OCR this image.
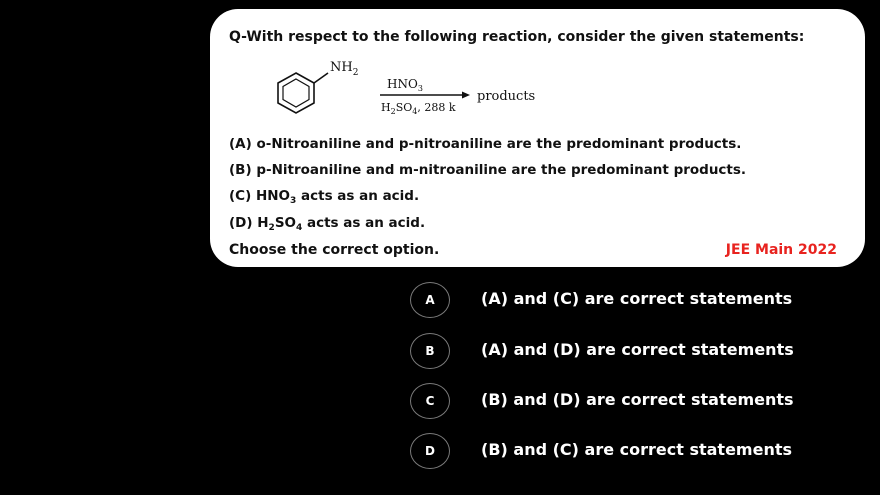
Q-With respect to the following reaction, consider the given statements:
$NH_2$
$HNO_3$
$H_2SO_4$, 288 k
products
(A) o-Nitroaniline and p-nitroaniline are the predominant products.
(B) p-Nitroaniline and m-nitroaniline are the predominant products.
(C) $HNO_3$ acts as an acid.
(D) $H_2SO_4$ acts as an acid.
Choose the correct option.	JEE Main 2022
A	(A) and (C) are correct statements
B	(A) and (D) are correct statements
C	(B) and (D) are correct statements
D	(B) and (C) are correct statements
